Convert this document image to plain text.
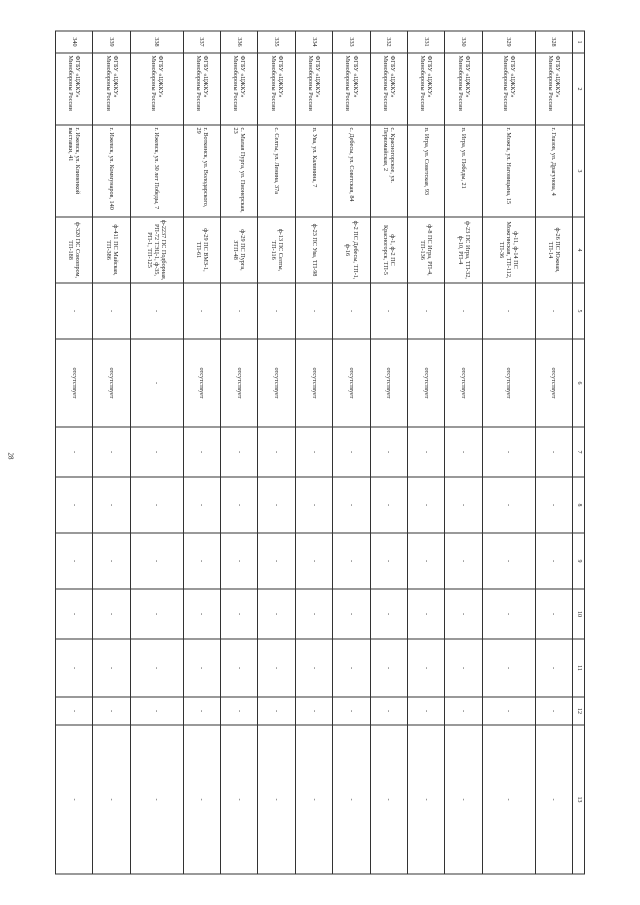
28
1	2	3	4	5	6	7	8	9	10	11	12	13
328	ФГБУ «ЦЖКУ» Минобороны России	г. Глазов, ул. Драгунова, 4	ф-26 ПС Южная, ТП-14	-	отсутствует	-	-	-	-	-	-	-
329	ФГБУ «ЦЖКУ» Минобороны России	г. Можга, ул. Наговицына, 15	ф-11, ф-14 ПС Можгинская, ТП-112, ТП-36	-	отсутствует	-	-	-	-	-	-	-
330	ФГБУ «ЦЖКУ» Минобороны России	п. Игра, ул. Победы, 21	ф-23 ПС Игра, ТП-32, ф-10, РП-4	-	отсутствует	-	-	-	-	-	-	-
331	ФГБУ «ЦЖКУ» Минобороны России	п. Игра, ул. Советская, 93	ф-8 ПС Игра, РП-4, ТП-136	-	отсутствует	-	-	-	-	-	-	-
332	ФГБУ «ЦЖКУ» Минобороны России	с. Красногорское, ул. Первомайская, 2	ф-1, ф-2 ПС Красногорск, ТП-5	-	отсутствует	-	-	-	-	-	-	-
333	ФГБУ «ЦЖКУ» Минобороны России	с. Дебесы, ул. Советская, 84	ф-2 ПС Дебесы, ТП-1, ф-16	-	отсутствует	-	-	-	-	-	-	-
334	ФГБУ «ЦЖКУ» Минобороны России	п. Ува, ул. Калинина, 7	ф-23 ПС Ува, ТП-98	-	отсутствует	-	-	-	-	-	-	-
335	ФГБУ «ЦЖКУ» Минобороны России	с. Селты, ул. Ленина, 37а	ф-13 ПС Селты, ТП-116	-	отсутствует	-	-	-	-	-	-	-
336	ФГБУ «ЦЖКУ» Минобороны России	с. Малая Пурга, ул. Пионерская, 23	ф-29 ПС Пурга, ЗТП-48	-	отсутствует	-	-	-	-	-	-	-
337	ФГБУ «ЦЖКУ» Минобороны России	г. Воткинск, ул. Володарского, 29	ф-29 ПС ВМЗ-1, ТП-61	-	отсутствует	-	-	-	-	-	-	-
338	ФГБУ «ЦЖКУ» Минобороны России	г. Ижевск, ул. 30 лет Победы, 7	ф-2237 ПС Подборная, РП-72 ТЭЦ-1, ф-35, РП-1, ТП-125	-	-	-	-	-	-	-	-	-
339	ФГБУ «ЦЖКУ» Минобороны России	г. Ижевск, ул. Коммунаров, 140	ф-411 ПС Майская, ТП-386	-	отсутствует	-	-	-	-	-	-	-
340	ФГБУ «ЦЖКУ» Минобороны России	г. Ижевск, ул. Клименкой выставки, 41	ф-320 ПС Союзпром, ТП-188	-	отсутствует	-	-	-	-	-	-	-
